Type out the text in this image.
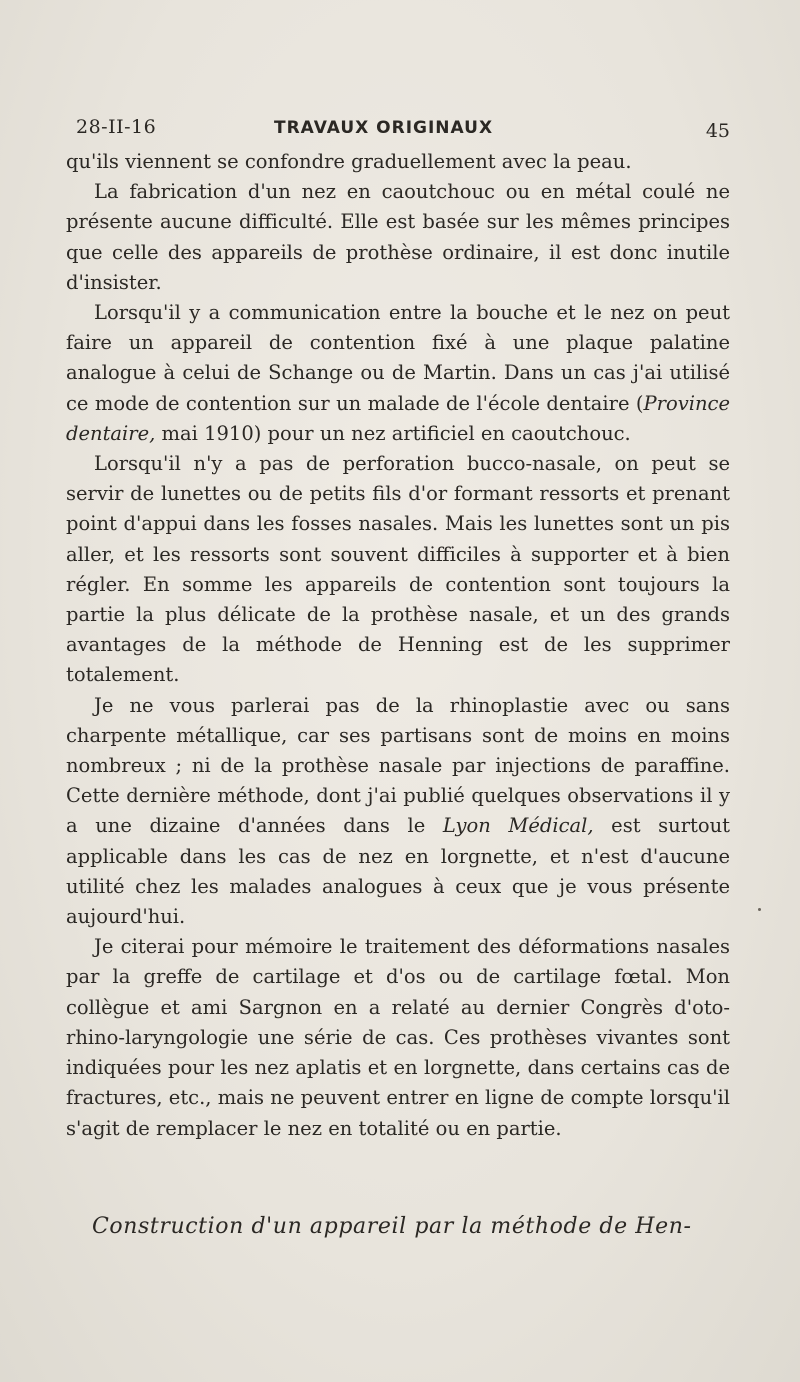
28-II-16	TRAVAUX ORIGINAUX	45

qu'ils viennent se confondre graduellement avec la peau.

La fabrication d'un nez en caoutchouc ou en métal coulé ne présente aucune difficulté. Elle est basée sur les mêmes principes que celle des appareils de prothèse ordinaire, il est donc inutile d'insister.

Lorsqu'il y a communication entre la bouche et le nez on peut faire un appareil de contention fixé à une plaque palatine analogue à celui de Schange ou de Martin. Dans un cas j'ai utilisé ce mode de contention sur un malade de l'école dentaire (Province dentaire, mai 1910) pour un nez artificiel en caoutchouc.

Lorsqu'il n'y a pas de perforation bucco-nasale, on peut se servir de lunettes ou de petits fils d'or formant ressorts et prenant point d'appui dans les fosses nasales. Mais les lunettes sont un pis aller, et les ressorts sont souvent difficiles à supporter et à bien régler. En somme les appareils de contention sont toujours la partie la plus délicate de la prothèse nasale, et un des grands avantages de la méthode de Henning est de les supprimer totalement.

Je ne vous parlerai pas de la rhinoplastie avec ou sans charpente métallique, car ses partisans sont de moins en moins nombreux ; ni de la prothèse nasale par injections de paraffine. Cette dernière méthode, dont j'ai publié quelques observations il y a une dizaine d'années dans le Lyon Médical, est surtout applicable dans les cas de nez en lorgnette, et n'est d'aucune utilité chez les malades analogues à ceux que je vous présente aujourd'hui.

Je citerai pour mémoire le traitement des déformations nasales par la greffe de cartilage et d'os ou de cartilage fœtal. Mon collègue et ami Sargnon en a relaté au dernier Congrès d'oto-rhino-laryngologie une série de cas. Ces prothèses vivantes sont indiquées pour les nez aplatis et en lorgnette, dans certains cas de fractures, etc., mais ne peuvent entrer en ligne de compte lorsqu'il s'agit de remplacer le nez en totalité ou en partie.

Construction d'un appareil par la méthode de Hen-
